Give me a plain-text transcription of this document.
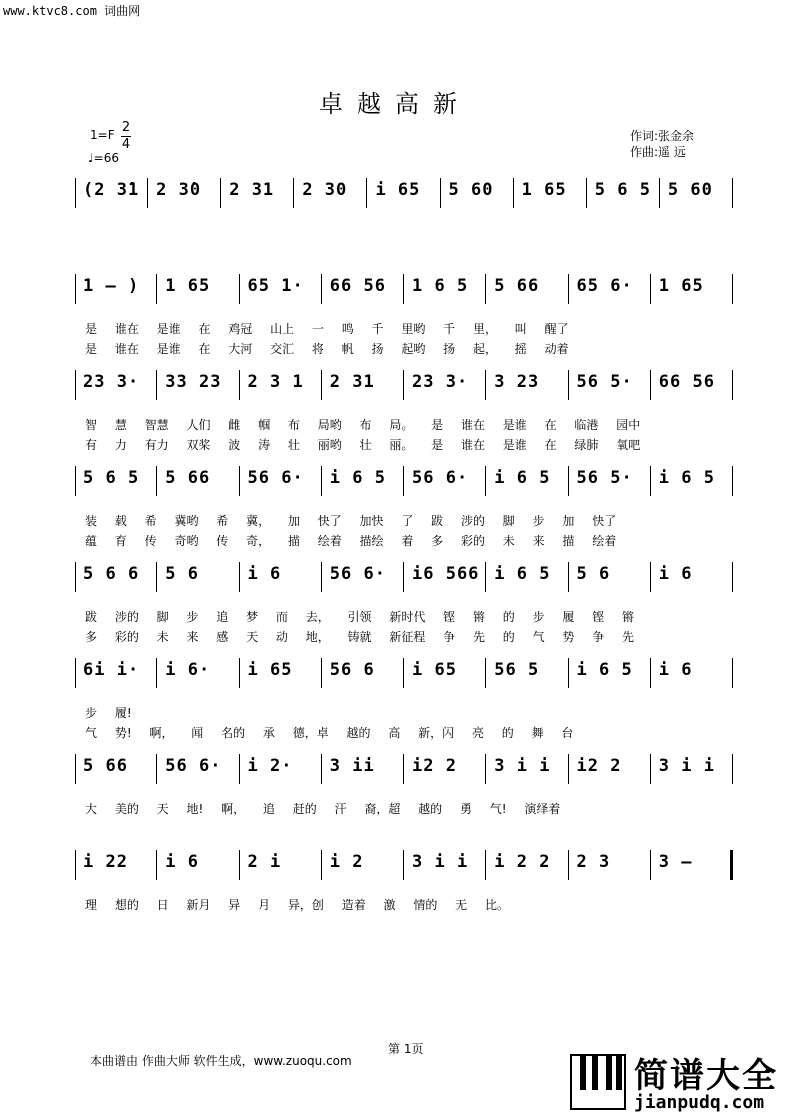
www.ktvc8.com 词曲网
卓越高新
1=F 2
4
♩=66
作词:张金余
作曲:遥 远
(2 3̇1 2 3̇0 2 31 2 30 i 65 5 60 1 65 5 6 5 5 60
1 — ) 1 65 65 1· 66 56 1 6 5 5 66 65 6· 1 65
是 谁在 是谁 在 鸡冠 山上 一 鸣 千 里哟 千 里， 叫 醒了
是 谁在 是谁 在 大河 交汇 将 帆 扬 起哟 扬 起， 摇 动着
23 3· 33 23 2 3 1 2 31 23 3· 3 23 56 5· 66 56
智 慧 智慧 人们 雌 帼 布 局哟 布 局。 是 谁在 是谁 在 临港 园中
有 力 有力 双桨 波 涛 壮 丽哟 壮 丽。 是 谁在 是谁 在 绿肺 氧吧
5 6 5 5 66 56 6· i 6 5 56 6· i 6 5 56 5· i 6 5
装 载 希 冀哟 希 冀， 加 快了 加快 了 跋 涉的 脚 步 加 快了
蕴 育 传 奇哟 传 奇， 描 绘着 描绘 着 多 彩的 未 来 描 绘着
5 6 6 5 6	i 6	56 6· i6 566 i 6 5 5 6	i 6
跋 涉的 脚 步 追 梦 而 去， 引领 新时代 铿 锵 的 步 履 铿 锵
多 彩的 未 来 感 天 动 地， 铸就 新征程 争 先 的 气 势 争 先
6i i· i 6· i 65 56 6 i 65 56 5 i 6 5 i 6
步 履!
气 势! 啊， 闻 名的 承 德，卓 越的 高 新，闪 亮 的 舞 台
5 66 56 6· i 2· 3 ii i2 2 3 i i i2 2 3 i i
大 美的 天 地! 啊， 追 赶的 汗 裔，超 越的 勇 气! 演绎着
i 22 i 6	2 i	i 2	3 i i i 2 2 2 3	3 —
理 想的 日 新月 异 月 异，创 造着 激 情的 无 比。
第 1页
本曲谱由 作曲大师 软件生成，www.zuoqu.com	简谱大全
jianpudq.com
